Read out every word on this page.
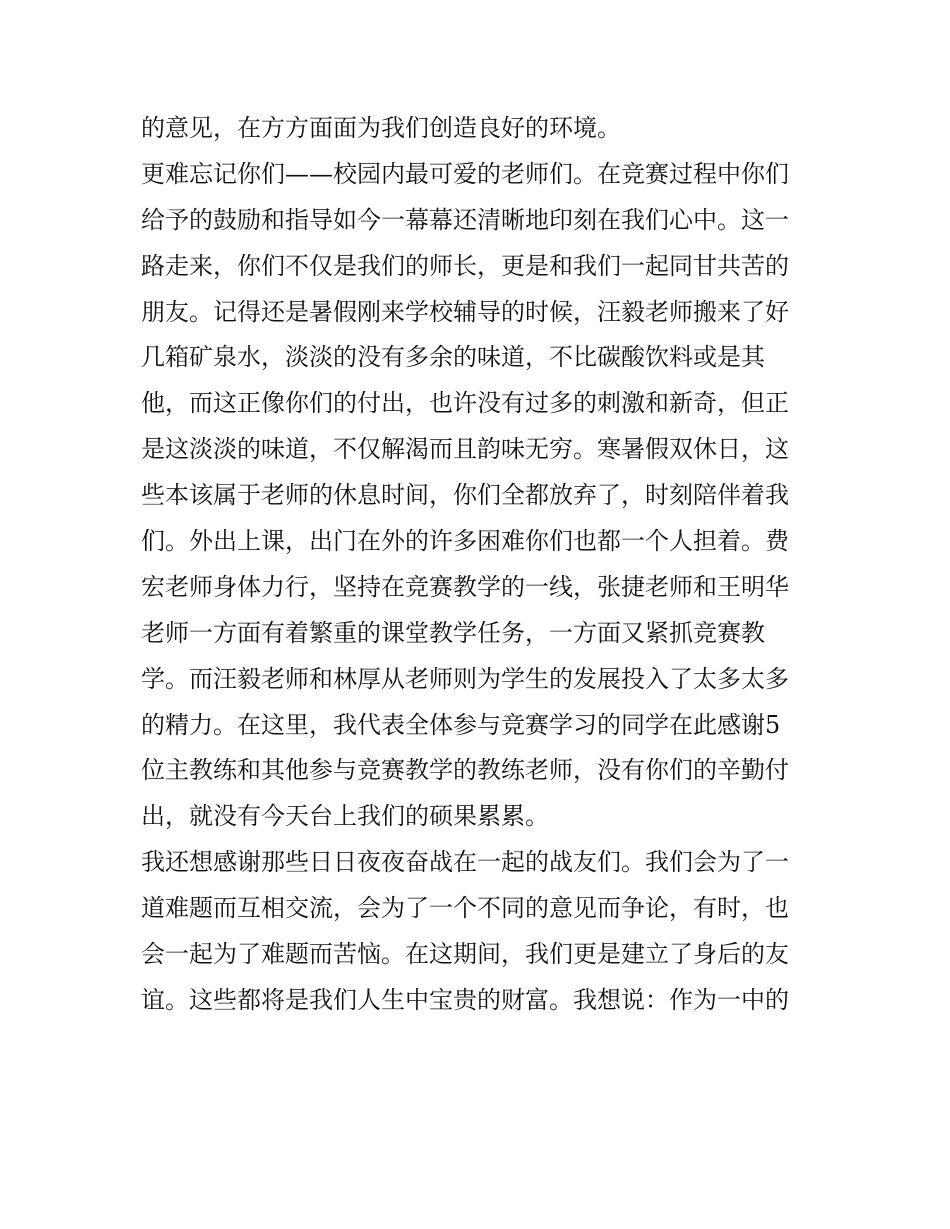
的意见，在方方面面为我们创造良好的环境。
更难忘记你们——校园内最可爱的老师们。在竞赛过程中你们
给予的鼓励和指导如今一幕幕还清晰地印刻在我们心中。这一
路走来，你们不仅是我们的师长，更是和我们一起同甘共苦的
朋友。记得还是暑假刚来学校辅导的时候，汪毅老师搬来了好
几箱矿泉水，淡淡的没有多余的味道，不比碳酸饮料或是其
他，而这正像你们的付出，也许没有过多的刺激和新奇，但正
是这淡淡的味道，不仅解渴而且韵味无穷。寒暑假双休日，这
些本该属于老师的休息时间，你们全都放弃了，时刻陪伴着我
们。外出上课，出门在外的许多困难你们也都一个人担着。费
宏老师身体力行，坚持在竞赛教学的一线，张捷老师和王明华
老师一方面有着繁重的课堂教学任务，一方面又紧抓竞赛教
学。而汪毅老师和林厚从老师则为学生的发展投入了太多太多
的精力。在这里，我代表全体参与竞赛学习的同学在此感谢5
位主教练和其他参与竞赛教学的教练老师，没有你们的辛勤付
出，就没有今天台上我们的硕果累累。
我还想感谢那些日日夜夜奋战在一起的战友们。我们会为了一
道难题而互相交流，会为了一个不同的意见而争论，有时，也
会一起为了难题而苦恼。在这期间，我们更是建立了身后的友
谊。这些都将是我们人生中宝贵的财富。我想说：作为一中的
